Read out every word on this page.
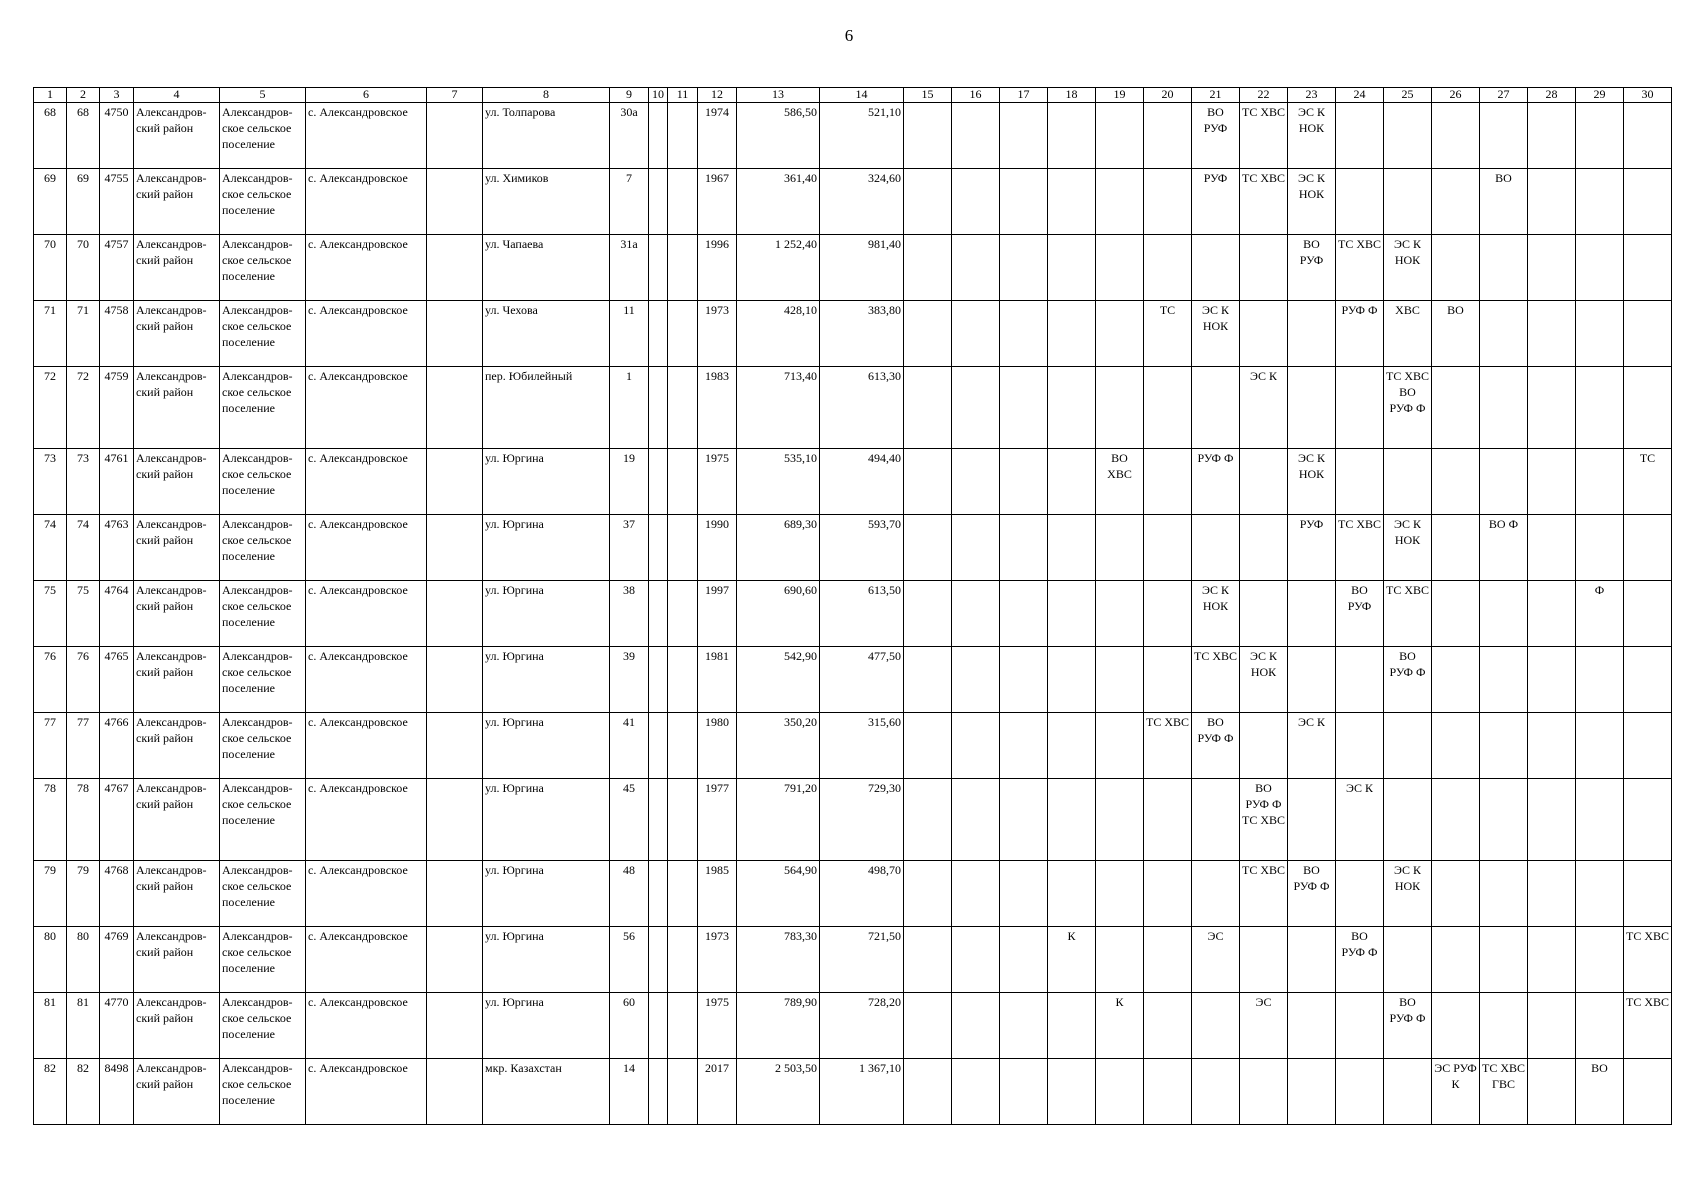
6
1	2	3	4	5	6	7	8	9	10	11	12	13	14	15	16	17	18	19	20	21	22	23	24	25	26	27	28	29	30
68	68	4750	Александров-ский район	Александров-ское сельское поселение	с. Александровское		ул. Толпарова	30а			1974	586,50	521,10							ВО РУФ	ТС ХВС	ЭС К НОК							
69	69	4755	Александров-ский район	Александров-ское сельское поселение	с. Александровское		ул. Химиков	7			1967	361,40	324,60							РУФ	ТС ХВС	ЭС К НОК				ВО			
70	70	4757	Александров-ский район	Александров-ское сельское поселение	с. Александровское		ул. Чапаева	31а			1996	1 252,40	981,40									ВО РУФ	ТС ХВС	ЭС К НОК					
71	71	4758	Александров-ский район	Александров-ское сельское поселение	с. Александровское		ул. Чехова	11			1973	428,10	383,80						ТС	ЭС К НОК			РУФ Ф	ХВС	ВО				
72	72	4759	Александров-ский район	Александров-ское сельское поселение	с. Александровское		пер. Юбилейный	1			1983	713,40	613,30								ЭС К			ТС ХВС ВО РУФ Ф					
73	73	4761	Александров-ский район	Александров-ское сельское поселение	с. Александровское		ул. Юргина	19			1975	535,10	494,40					ВО ХВС		РУФ Ф		ЭС К НОК							ТС
74	74	4763	Александров-ский район	Александров-ское сельское поселение	с. Александровское		ул. Юргина	37			1990	689,30	593,70									РУФ	ТС ХВС	ЭС К НОК		ВО Ф			
75	75	4764	Александров-ский район	Александров-ское сельское поселение	с. Александровское		ул. Юргина	38			1997	690,60	613,50							ЭС К НОК			ВО РУФ	ТС ХВС				Ф	
76	76	4765	Александров-ский район	Александров-ское сельское поселение	с. Александровское		ул. Юргина	39			1981	542,90	477,50							ТС ХВС	ЭС К НОК			ВО РУФ Ф					
77	77	4766	Александров-ский район	Александров-ское сельское поселение	с. Александровское		ул. Юргина	41			1980	350,20	315,60						ТС ХВС	ВО РУФ Ф		ЭС К							
78	78	4767	Александров-ский район	Александров-ское сельское поселение	с. Александровское		ул. Юргина	45			1977	791,20	729,30								ВО РУФ Ф ТС ХВС		ЭС К						
79	79	4768	Александров-ский район	Александров-ское сельское поселение	с. Александровское		ул. Юргина	48			1985	564,90	498,70								ТС ХВС	ВО РУФ Ф		ЭС К НОК					
80	80	4769	Александров-ский район	Александров-ское сельское поселение	с. Александровское		ул. Юргина	56			1973	783,30	721,50				К			ЭС			ВО РУФ Ф						ТС ХВС
81	81	4770	Александров-ский район	Александров-ское сельское поселение	с. Александровское		ул. Юргина	60			1975	789,90	728,20					К			ЭС			ВО РУФ Ф					ТС ХВС
82	82	8498	Александров-ский район	Александров-ское сельское поселение	с. Александровское		мкр. Казахстан	14			2017	2 503,50	1 367,10												ЭС РУФ К	ТС ХВС ГВС		ВО	
